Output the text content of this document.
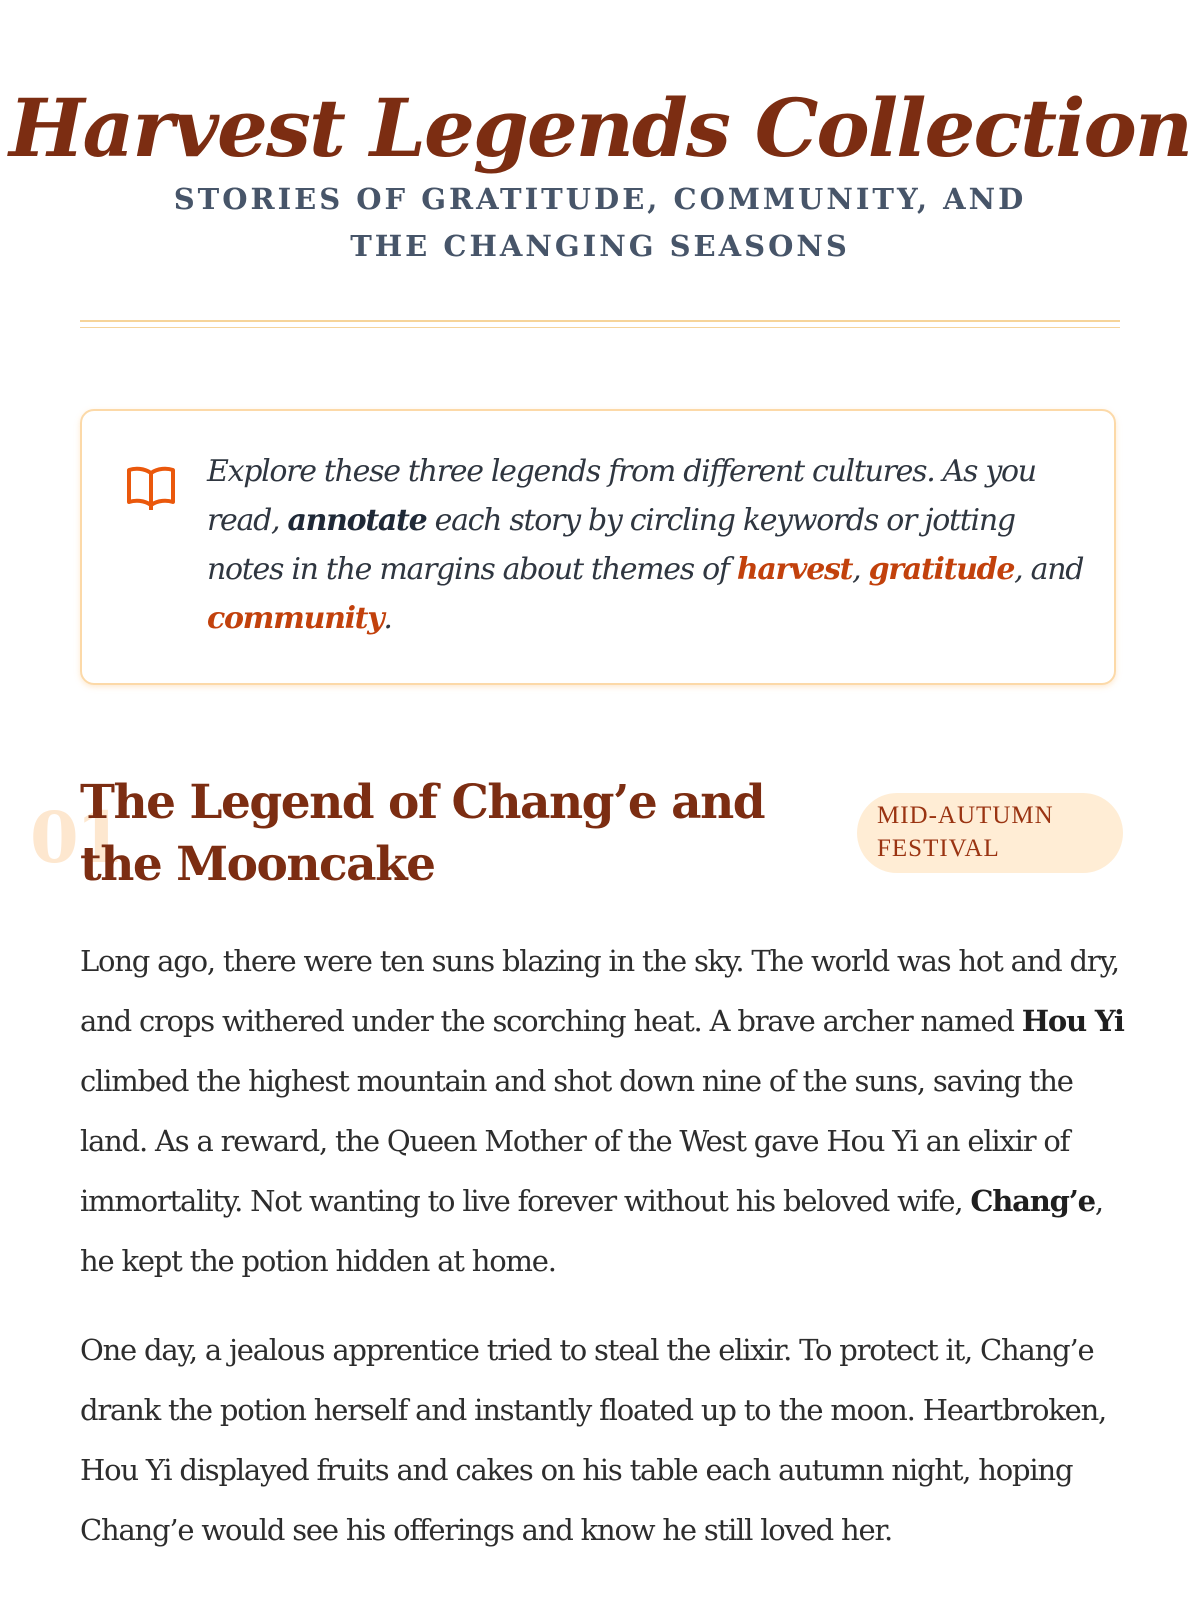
Harvest Legends Collection

STORIES OF GRATITUDE, COMMUNITY, AND THE CHANGING SEASONS

Explore these three legends from different cultures. As you read, annotate each story by circling keywords or jotting notes in the margins about themes of harvest, gratitude, and community.
01
The Legend of Chang’e and the Mooncake
MID-AUTUMN FESTIVAL

Long ago, there were ten suns blazing in the sky. The world was hot and dry, and crops withered under the scorching heat. A brave archer named Hou Yi climbed the highest mountain and shot down nine of the suns, saving the land. As a reward, the Queen Mother of the West gave Hou Yi an elixir of immortality. Not wanting to live forever without his beloved wife, Chang’e, he kept the potion hidden at home.

One day, a jealous apprentice tried to steal the elixir. To protect it, Chang’e drank the potion herself and instantly floated up to the moon. Heartbroken, Hou Yi displayed fruits and cakes on his table each autumn night, hoping Chang’e would see his offerings and know he still loved her.
